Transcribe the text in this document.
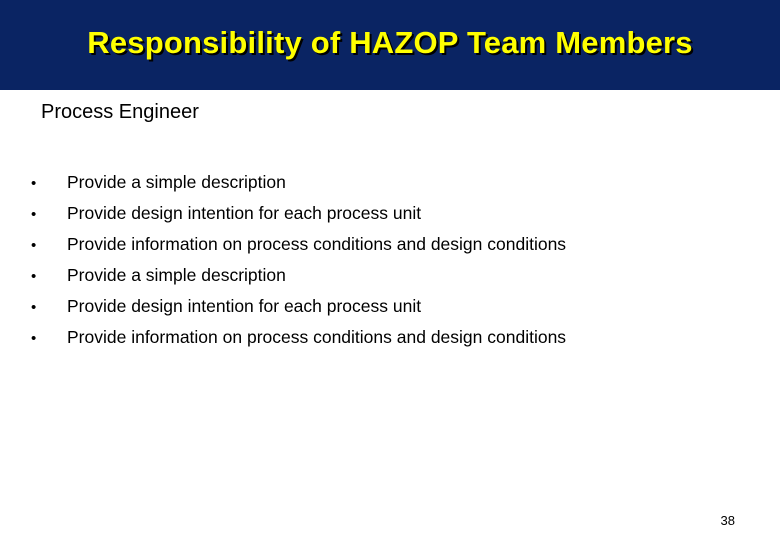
Responsibility of HAZOP Team Members
Process Engineer
•	Provide a simple description
•	Provide design intention for each process unit
•	Provide information on process conditions and design conditions
•	Provide a simple description
•	Provide design intention for each process unit
•	Provide information on process conditions and design conditions
38
